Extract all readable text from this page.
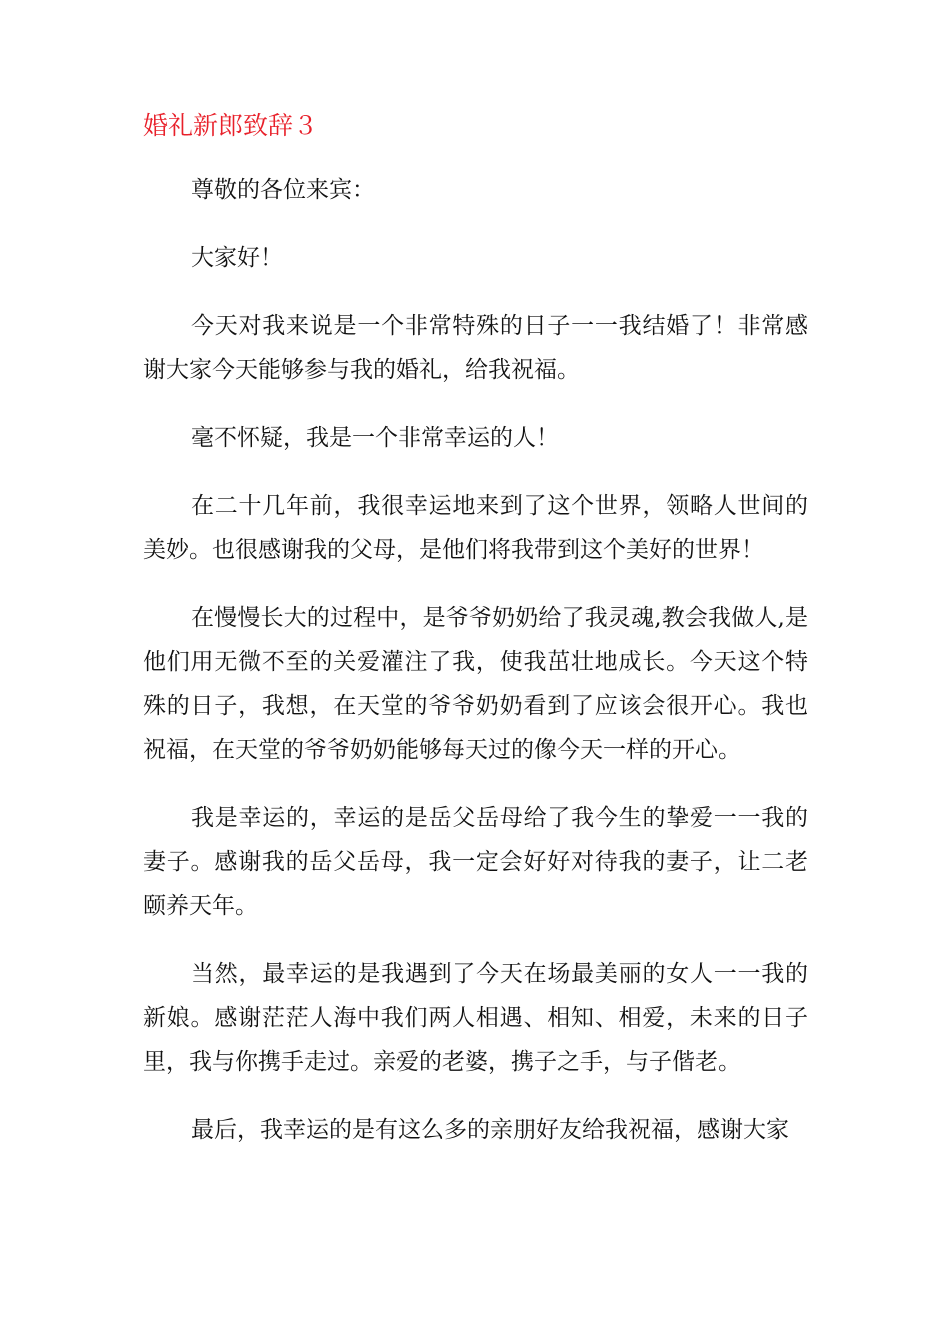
婚礼新郎致辞３

尊敬的各位来宾：

大家好！

今天对我来说是一个非常特殊的日子一一我结婚了！非常感谢大家今天能够参与我的婚礼，给我祝福。

毫不怀疑，我是一个非常幸运的人！

在二十几年前，我很幸运地来到了这个世界，领略人世间的美妙。也很感谢我的父母，是他们将我带到这个美好的世界！

在慢慢长大的过程中，是爷爷奶奶给了我灵魂,教会我做人,是他们用无微不至的关爱灌注了我，使我茁壮地成长。今天这个特殊的日子，我想，在天堂的爷爷奶奶看到了应该会很开心。我也祝福，在天堂的爷爷奶奶能够每天过的像今天一样的开心。

我是幸运的，幸运的是岳父岳母给了我今生的挚爱一一我的妻子。感谢我的岳父岳母，我一定会好好对待我的妻子，让二老颐养天年。

当然，最幸运的是我遇到了今天在场最美丽的女人一一我的新娘。感谢茫茫人海中我们两人相遇、相知、相爱，未来的日子里，我与你携手走过。亲爱的老婆，携子之手，与子偕老。

最后，我幸运的是有这么多的亲朋好友给我祝福，感谢大家
